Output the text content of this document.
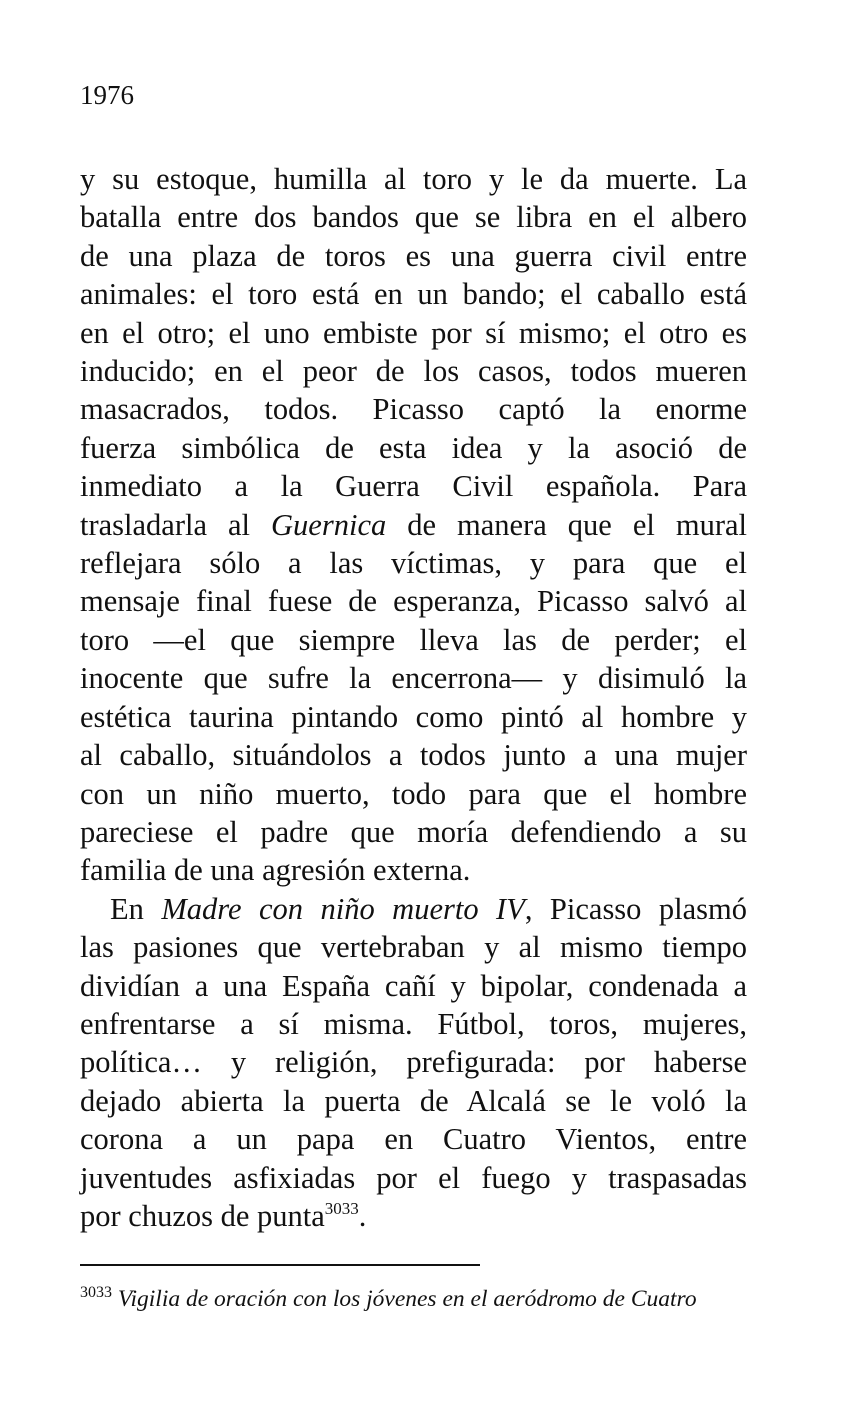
1976

y su estoque, humilla al toro y le da muerte. La
batalla entre dos bandos que se libra en el albero
de una plaza de toros es una guerra civil entre
animales: el toro está en un bando; el caballo está
en el otro; el uno embiste por sí mismo; el otro es
inducido; en el peor de los casos, todos mueren
masacrados, todos. Picasso captó la enorme
fuerza simbólica de esta idea y la asoció de
inmediato a la Guerra Civil española. Para
trasladarla al Guernica de manera que el mural
reflejara sólo a las víctimas, y para que el
mensaje final fuese de esperanza, Picasso salvó al
toro —el que siempre lleva las de perder; el
inocente que sufre la encerrona— y disimuló la
estética taurina pintando como pintó al hombre y
al caballo, situándolos a todos junto a una mujer
con un niño muerto, todo para que el hombre
pareciese el padre que moría defendiendo a su
familia de una agresión externa.

En Madre con niño muerto IV, Picasso plasmó
las pasiones que vertebraban y al mismo tiempo
dividían a una España cañí y bipolar, condenada a
enfrentarse a sí misma. Fútbol, toros, mujeres,
política… y religión, prefigurada: por haberse
dejado abierta la puerta de Alcalá se le voló la
corona a un papa en Cuatro Vientos, entre
juventudes asfixiadas por el fuego y traspasadas
por chuzos de punta$^{3033}$.

$^{3033}$ Vigilia de oración con los jóvenes en el aeródromo de Cuatro
